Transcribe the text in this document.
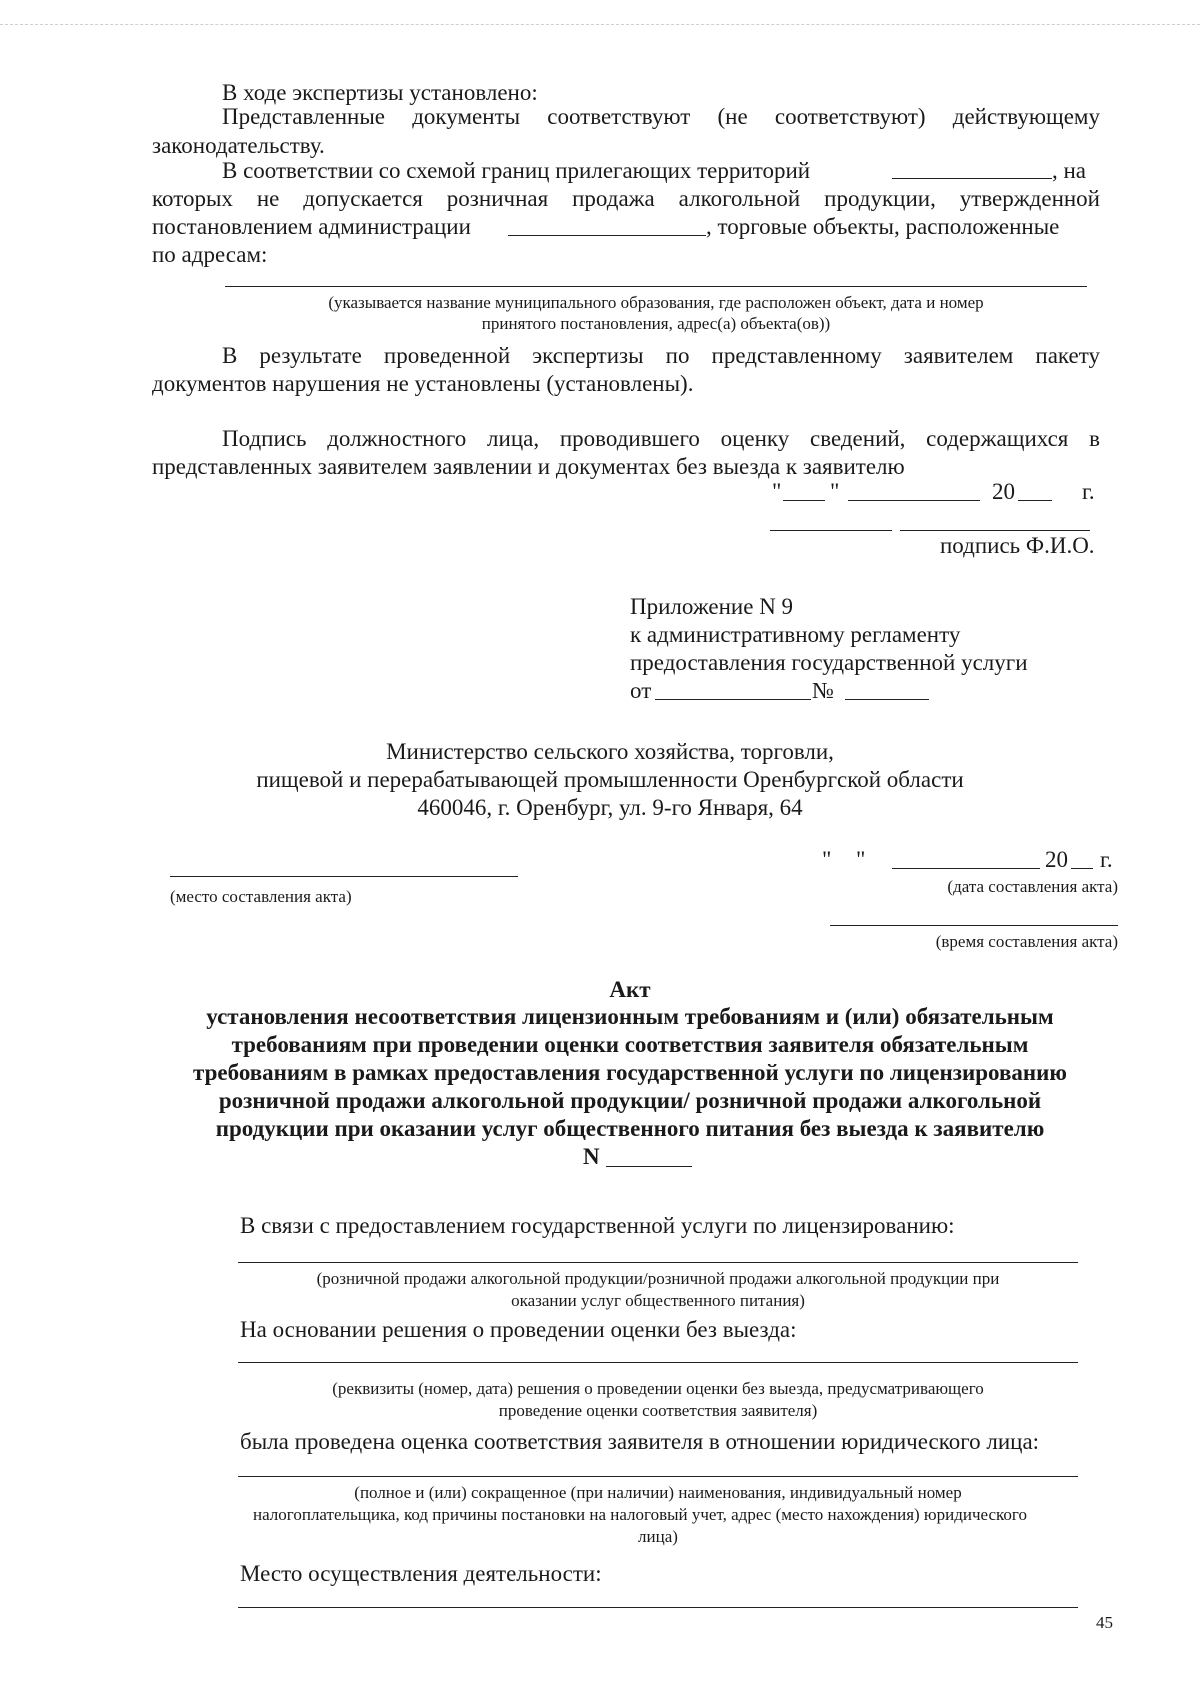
В ходе экспертизы установлено:
Представленные документы соответствуют (не соответствуют) действующему
законодательству.
В соответствии со схемой границ прилегающих территорий	, на
которых не допускается розничная продажа алкогольной продукции, утвержденной
постановлением администрации	, торговые объекты, расположенные
по адресам:
(указывается название муниципального образования, где расположен объект, дата и номер
принятого постановления, адрес(а) объекта(ов))
В результате проведенной экспертизы по представленному заявителем пакету
документов нарушения не установлены (установлены).
Подпись должностного лица, проводившего оценку сведений, содержащихся в
представленных заявителем заявлении и документах без выезда к заявителю
" "	20	г.
подпись Ф.И.О.
Приложение N 9
к административному регламенту
предоставления государственной услуги
от	№
Министерство сельского хозяйства, торговли,
пищевой и перерабатывающей промышленности Оренбургской области
460046, г. Оренбург, ул. 9-го Января, 64
" "	20 г.
(место составления акта)
(дата составления акта)
(время составления акта)
Акт
установления несоответствия лицензионным требованиям и (или) обязательным
требованиям при проведении оценки соответствия заявителя обязательным
требованиям в рамках предоставления государственной услуги по лицензированию
розничной продажи алкогольной продукции/ розничной продажи алкогольной
продукции при оказании услуг общественного питания без выезда к заявителю
N
В связи с предоставлением государственной услуги по лицензированию:
(розничной продажи алкогольной продукции/розничной продажи алкогольной продукции при
оказании услуг общественного питания)
На основании решения о проведении оценки без выезда:
(реквизиты (номер, дата) решения о проведении оценки без выезда, предусматривающего
проведение оценки соответствия заявителя)
была проведена оценка соответствия заявителя в отношении юридического лица:
(полное и (или) сокращенное (при наличии) наименования, индивидуальный номер
налогоплательщика, код причины постановки на налоговый учет, адрес (место нахождения) юридического
лица)
Место осуществления деятельности:
45
